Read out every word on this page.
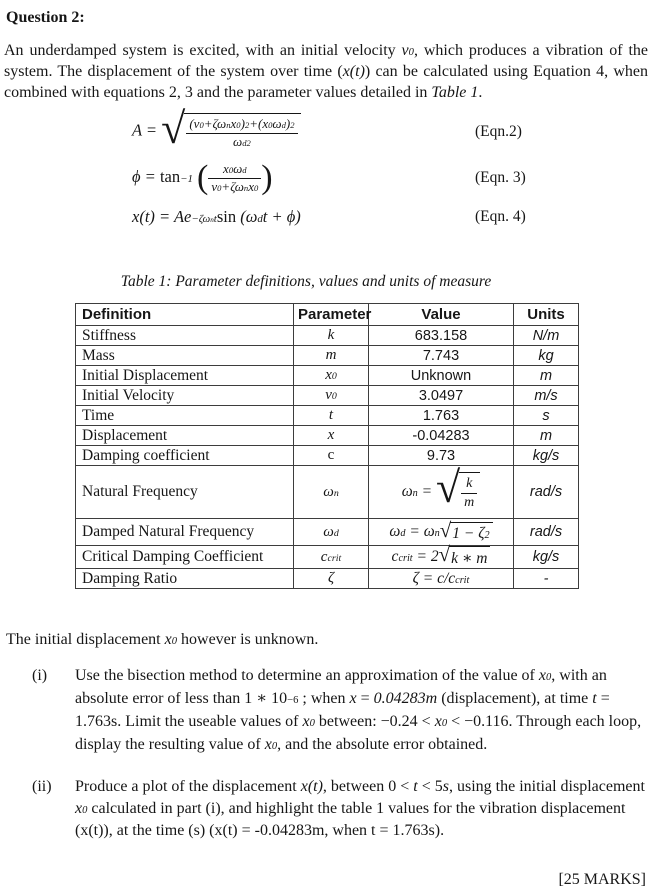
Question 2:

An underdamped system is excited, with an initial velocity $v_0$, which produces a vibration of the system. The displacement of the system over time (x(t)) can be calculated using Equation 4, when combined with equations 2, 3 and the parameter values detailed in Table 1.

A = √ $(v_0+\zeta\omega_nx_0)^2+(x_0\omega_d)^2$
$\omega_d^2$
(Eqn.2)
$\phi = \tan^{-1}$ (	$x_0\omega_d$
$v_0+\zeta\omega_nx_0$ )	(Eqn. 3)
$x(t) = Ae^{-\zeta\omega_nt}\sin$ $(\omega_dt + \phi)$	(Eqn. 4)
Table 1: Parameter definitions, values and units of measure
Definition	Parameter	Value	Units
Stiffness	k	683.158	N/m
Mass	m	7.743	kg
Initial Displacement	$x_0$	Unknown	m
Initial Velocity	$v_0$	3.0497	m/s
Time	t	1.763	s
Displacement	x	-0.04283	m
Damping coefficient	c	9.73	kg/s
Natural Frequency	$\omega_n$	$\omega_n$ = √ $\frac{k}{m}$	rad/s
Damped Natural Frequency	$\omega_d$	$\omega_d = \omega_n$ √ $1 - \zeta^2$	rad/s
Critical Damping Coefficient	$c_{crit}$	$c_{crit} = 2$ √ k ∗ m	kg/s
Damping Ratio	ζ	$\zeta = c/c_{crit}$	-

The initial displacement $x_0$ however is unknown.

(i) Use the bisection method to determine an approximation of the value of $x_0$, with an absolute error of less than 1 ∗ $10^{-6}$ ; when x = 0.04283m (displacement), at time t = 1.763s. Limit the useable values of $x_0$ between: $-0.24 < x_0 < -0.116$. Through each loop, display the resulting value of $x_0$, and the absolute error obtained.
(ii) Produce a plot of the displacement x(t), between 0 < t < 5s, using the initial displacement $x_0$ calculated in part (i), and highlight the table 1 values for the vibration displacement (x(t)), at the time (s) (x(t) = -0.04283m, when t = 1.763s).
[25 MARKS]
